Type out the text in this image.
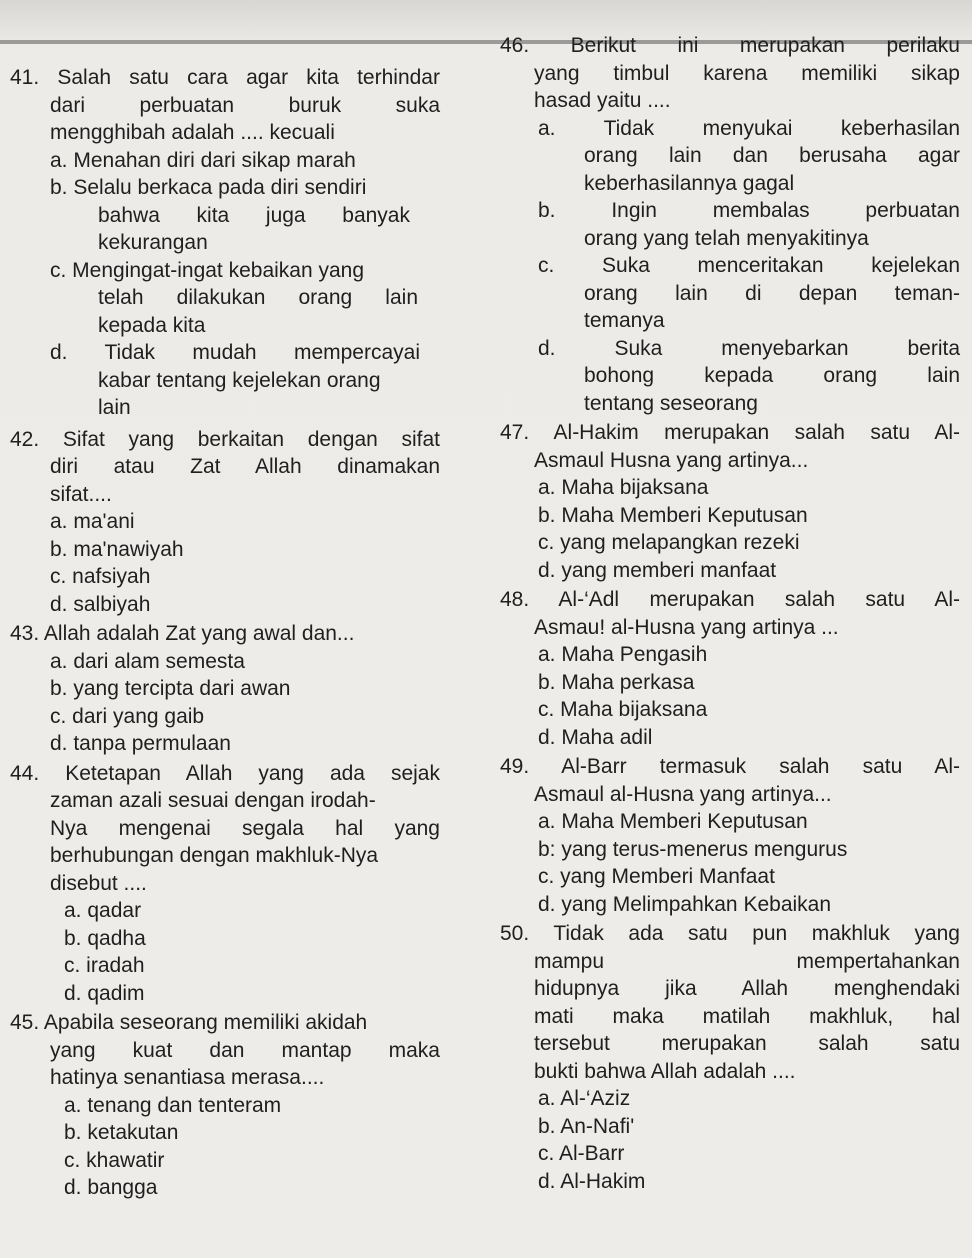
41. Salah satu cara agar kita terhindar
dari perbuatan buruk suka
mengghibah adalah .... kecuali
a. Menahan diri dari sikap marah
b. Selalu berkaca pada diri sendiri
bahwa kita juga banyak
kekurangan
c. Mengingat-ingat kebaikan yang
telah dilakukan orang lain
kepada kita
d. Tidak mudah mempercayai
kabar tentang kejelekan orang
lain
42. Sifat yang berkaitan dengan sifat
diri atau Zat Allah dinamakan
sifat....
a. ma'ani
b. ma'nawiyah
c. nafsiyah
d. salbiyah
43. Allah adalah Zat yang awal dan...
a. dari alam semesta
b. yang tercipta dari awan
c. dari yang gaib
d. tanpa permulaan
44. Ketetapan Allah yang ada sejak
zaman azali sesuai dengan irodah-
Nya mengenai segala hal yang
berhubungan dengan makhluk-Nya
disebut ....
a. qadar
b. qadha
c. iradah
d. qadim
45. Apabila seseorang memiliki akidah
yang kuat dan mantap maka
hatinya senantiasa merasa....
a. tenang dan tenteram
b. ketakutan
c. khawatir
d. bangga
46. Berikut ini merupakan perilaku
yang timbul karena memiliki sikap
hasad yaitu ....
a. Tidak menyukai keberhasilan
orang lain dan berusaha agar
keberhasilannya gagal
b. Ingin membalas perbuatan
orang yang telah menyakitinya
c. Suka menceritakan kejelekan
orang lain di depan teman-
temanya
d. Suka menyebarkan berita
bohong kepada orang lain
tentang seseorang
47. Al-Hakim merupakan salah satu Al-
Asmaul Husna yang artinya...
a. Maha bijaksana
b. Maha Memberi Keputusan
c. yang melapangkan rezeki
d. yang memberi manfaat
48. Al-‘Adl merupakan salah satu Al-
Asmau! al-Husna yang artinya ...
a. Maha Pengasih
b. Maha perkasa
c. Maha bijaksana
d. Maha adil
49. Al-Barr termasuk salah satu Al-
Asmaul al-Husna yang artinya...
a. Maha Memberi Keputusan
b: yang terus-menerus mengurus
c. yang Memberi Manfaat
d. yang Melimpahkan Kebaikan
50. Tidak ada satu pun makhluk yang
mampu mempertahankan
hidupnya jika Allah menghendaki
mati maka matilah makhluk, hal
tersebut merupakan salah satu
bukti bahwa Allah adalah ....
a. Al-‘Aziz
b. An-Nafi'
c. Al-Barr
d. Al-Hakim
